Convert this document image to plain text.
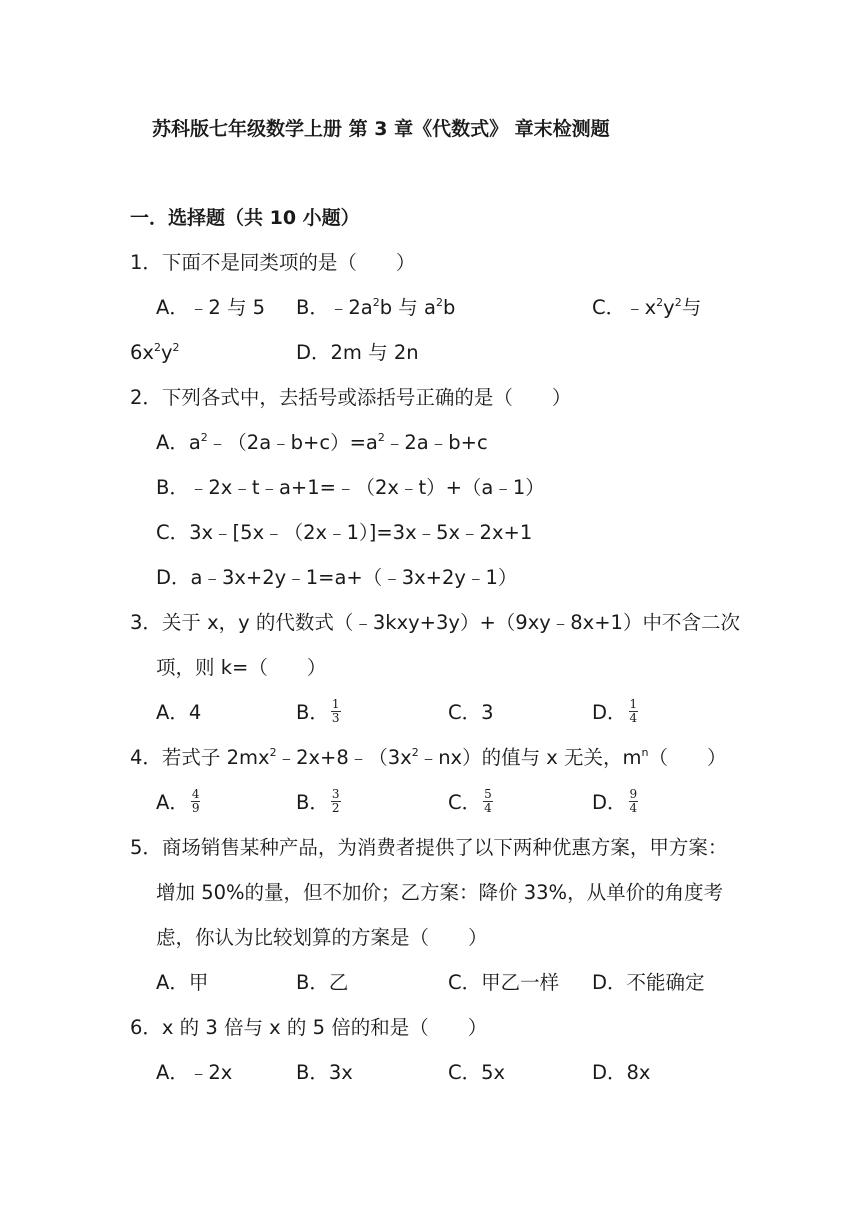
苏科版七年级数学上册 第 3 章《代数式》 章末检测题
一．选择题（共 10 小题）
1．下面不是同类项的是（　　）
A．﹣2 与 5 B．$﹣2a^2b$ 与 $a^2b$	C．$﹣x^2y^2$与
$6x^2y^2$	D．2m 与 2n
2．下列各式中，去括号或添括号正确的是（　　）
A．$a^2﹣(2a﹣b+c)=a^2﹣2a﹣b+c$
B．﹣2x﹣t﹣a+1=﹣（2x﹣t）+（a﹣1）
C．3x﹣[5x﹣（2x﹣1）]=3x﹣5x﹣2x+1
D．a﹣3x+2y﹣1=a+（﹣3x+2y﹣1）
3．关于 x，y 的代数式（﹣3kxy+3y）+（9xy﹣8x+1）中不含二次
项，则 k=（　　）
A．4	B． $\frac{1}{3}$	C．3	D． $\frac{1}{4}$
4．若式子 $2mx^2﹣2x+8﹣(3x^2﹣nx)$的值与 x 无关，$m^n$（　　）
A． $\frac{4}{9}$	B． $\frac{3}{2}$	C． $\frac{5}{4}$	D． $\frac{9}{4}$
5．商场销售某种产品，为消费者提供了以下两种优惠方案，甲方案：
增加 50%的量，但不加价；乙方案：降价 33%，从单价的角度考
虑，你认为比较划算的方案是（　　）
A．甲	B．乙	C．甲乙一样 D．不能确定
6．x 的 3 倍与 x 的 5 倍的和是（　　）
A．﹣2x	B．3x	C．5x	D．8x
